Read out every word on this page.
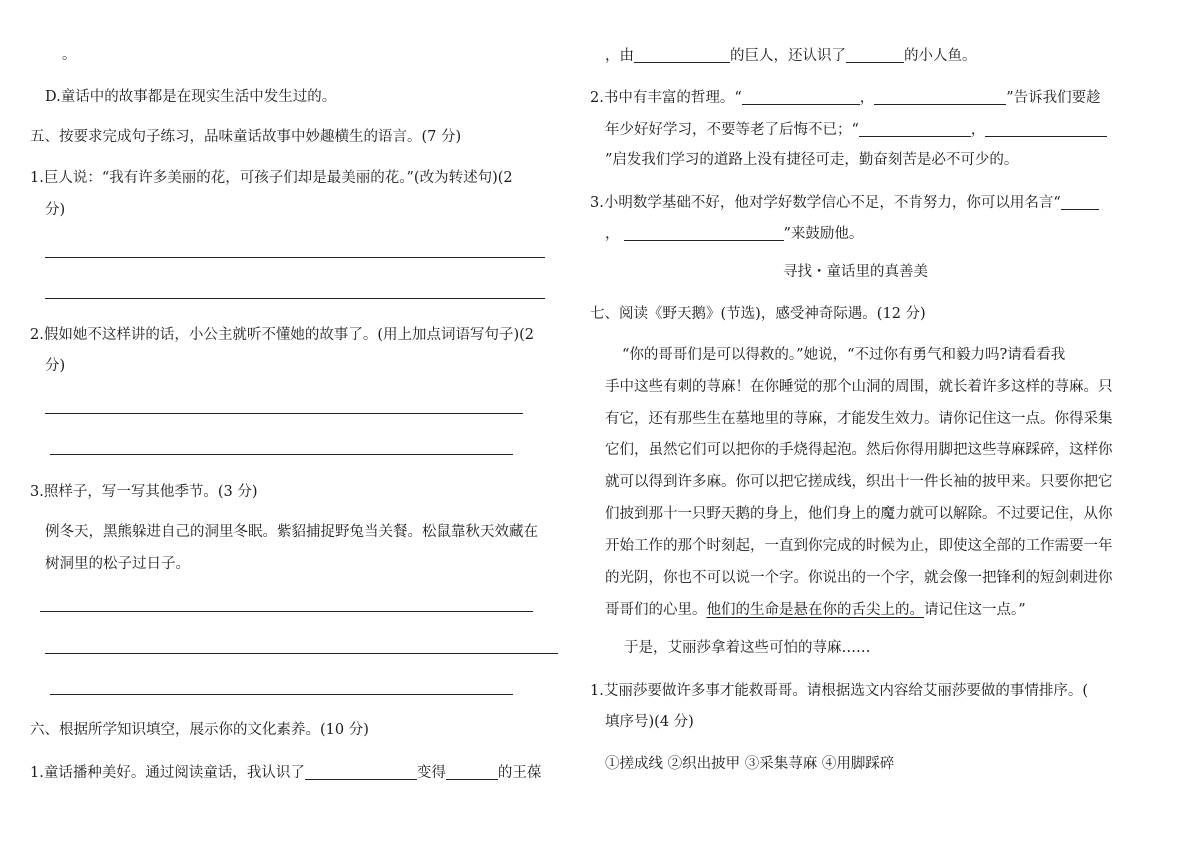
。
D.童话中的故事都是在现实生活中发生过的。
五、按要求完成句子练习，品味童话故事中妙趣横生的语言。(7 分)
1.巨人说：“我有许多美丽的花，可孩子们却是最美丽的花。”(改为转述句)(2
分)
2.假如她不这样讲的话，小公主就听不懂她的故事了。(用上加点词语写句子)(2
分)
3.照样子，写一写其他季节。(3 分)
例冬天，黑熊躲进自己的洞里冬眠。紫貂捕捉野兔当关餐。松鼠靠秋天效藏在
树洞里的松子过日子。
六、根据所学知识填空，展示你的文化素养。(10 分)
1.童话播种美好。通过阅读童话，我认识了	变得	的王葆
，由	的巨人，还认识了	的小人鱼。
2.书中有丰富的哲理。“	，	”告诉我们要趁
年少好好学习，不要等老了后悔不已；“	，
”启发我们学习的道路上没有捷径可走，勤奋刻苦是必不可少的。
3.小明数学基础不好，他对学好数学信心不足，不肯努力，你可以用名言“
，	”来鼓励他。
寻找・童话里的真善美
七、阅读《野天鹅》(节选)，感受神奇际遇。(12 分)
“你的哥哥们是可以得救的。”她说，“不过你有勇气和毅力吗?请看看我
手中这些有刺的荨麻！在你睡觉的那个山洞的周围，就长着许多这样的荨麻。只
有它，还有那些生在墓地里的荨麻，才能发生效力。请你记住这一点。你得采集
它们，虽然它们可以把你的手烧得起泡。然后你得用脚把这些荨麻踩碎，这样你
就可以得到许多麻。你可以把它搓成线，织出十一件长袖的披甲来。只要你把它
们披到那十一只野天鹅的身上，他们身上的魔力就可以解除。不过要记住，从你
开始工作的那个时刻起，一直到你完成的时候为止，即使这全部的工作需要一年
的光阴，你也不可以说一个字。你说出的一个字，就会像一把锋利的短剑刺进你
哥哥们的心里。他们的生命是悬在你的舌尖上的。请记住这一点。”
于是，艾丽莎拿着这些可怕的荨麻……
1.艾丽莎要做许多事才能救哥哥。请根据选文内容给艾丽莎要做的事情排序。(
填序号)(4 分)
①搓成线 ②织出披甲 ③采集荨麻 ④用脚踩碎
